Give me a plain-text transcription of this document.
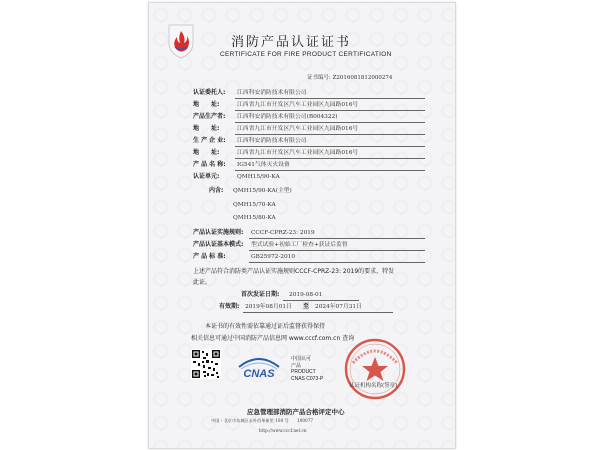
消防产品认证证书
CERTIFICATE FOR FIRE PRODUCT CERTIFICATION
证书编号: Z2016081812000274
认证委托人: 江西科安消防技术有限公司
地　　址:	江西省九江市开发区汽车工业园区九园路016号
产品生产者: 江西科安消防技术有限公司(B004322)
地　　址:	江西省九江市开发区汽车工业园区九园路016号
生 产 企 业: 江西科安消防技术有限公司
地　　址:	江西省九江市开发区汽车工业园区九园路016号
产 品 名 称: IG541气体灭火设备
认证单元:	QMH15/90-KA
内含: QMH15/90-KA(主型)
QMH15/70-KA
QMH15/80-KA
产品认证实施规则: CCCF-CPRZ-23: 2019
产品认证基本模式: 型式试验+初始工厂检查+获证后监督
产 品 标 准:	GB25972-2010
上述产品符合消防类产品认证实施规则CCCF-CPRZ-23: 2019的要求，特发
此证。
首次发证日期: 2019-08-01
有效期: 2019年08月01日 至 2024年07月31日
本证书的有效性需依靠通过证后监督获得保持
相关信息可通过中国消防产品信息网 www.cccf.com.cn 查询
CNAS
中国认可
产品
PRODUCT
CNAS C073-P
认证机构名称(签章)
应急管理部消防产品合格评定中心
中国・北京市东城区永外西革新里 108 号　　100077
http://www.cccf.net.cn
